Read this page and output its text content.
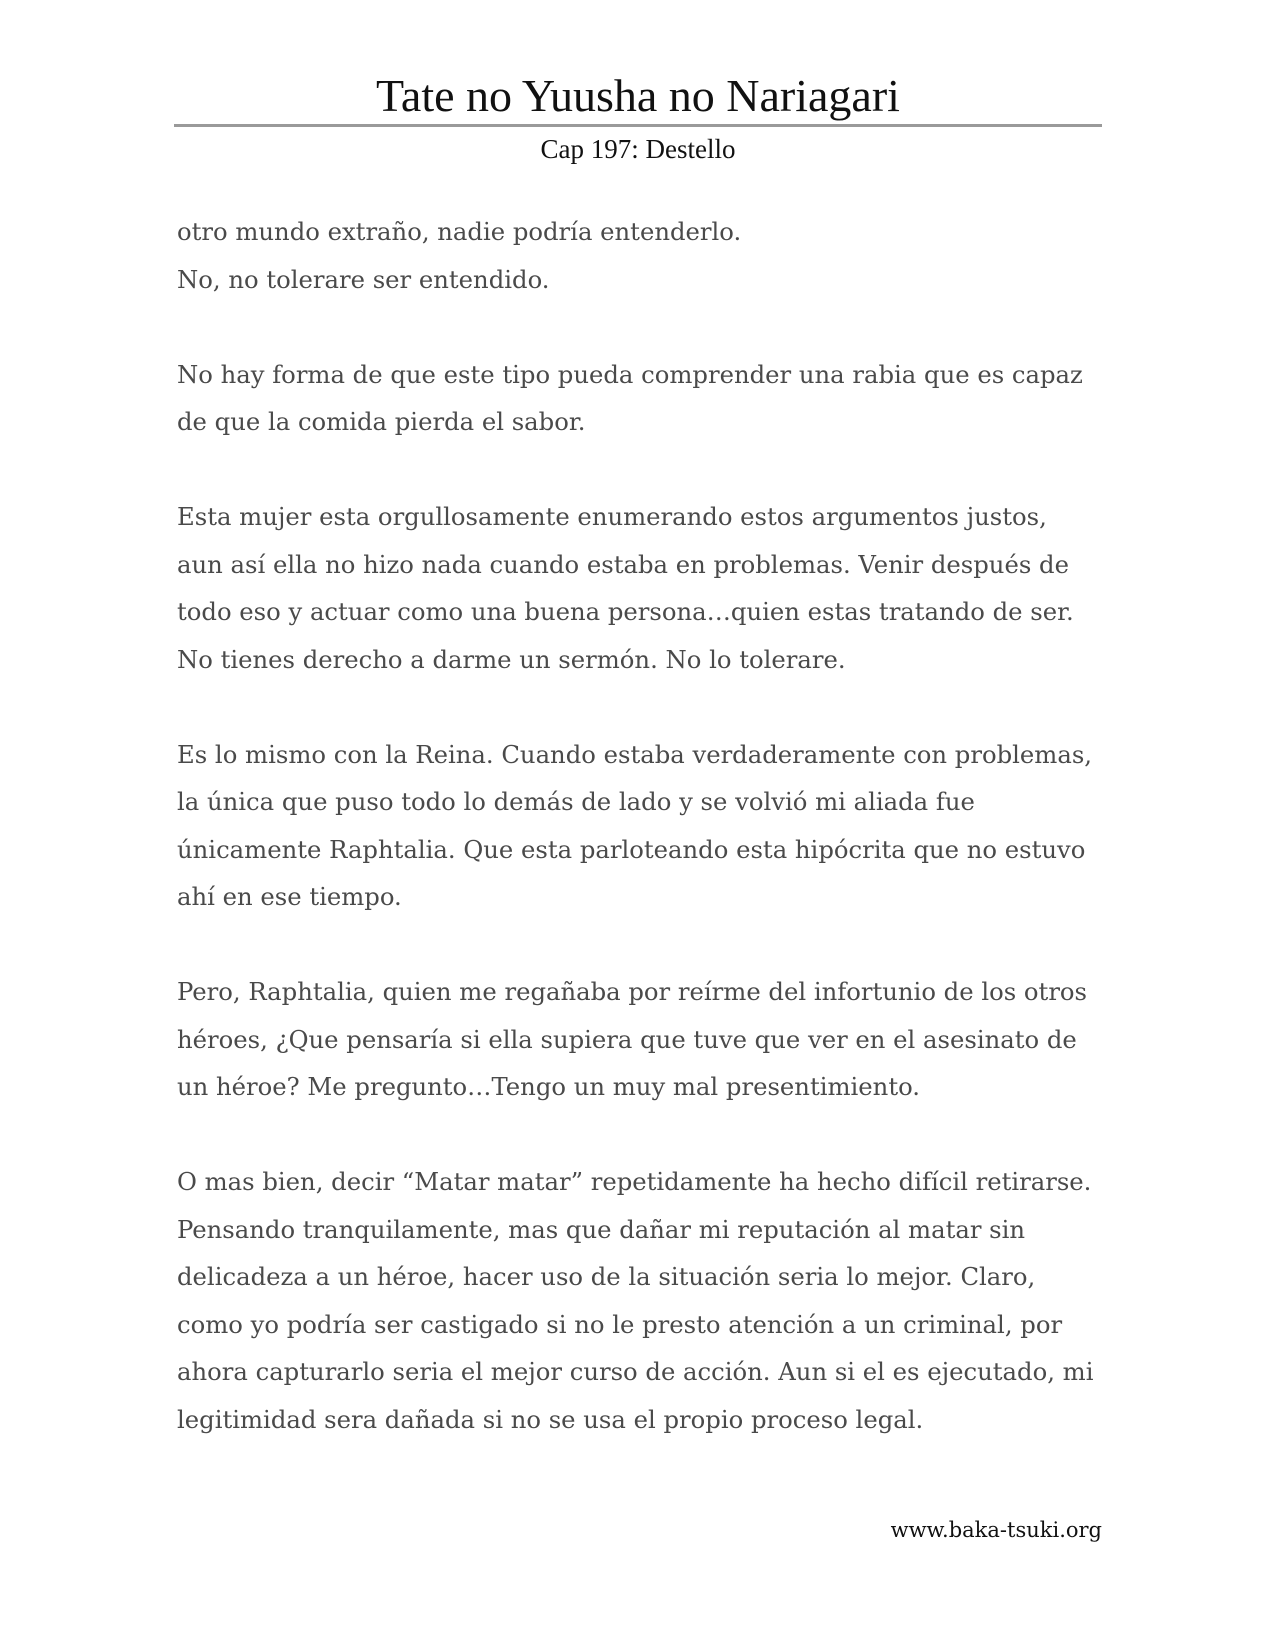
Tate no Yuusha no Nariagari
Cap 197: Destello

otro mundo extraño, nadie podría entenderlo.
No, no tolerare ser entendido.

No hay forma de que este tipo pueda comprender una rabia que es capaz
de que la comida pierda el sabor.

Esta mujer esta orgullosamente enumerando estos argumentos justos,
aun así ella no hizo nada cuando estaba en problemas. Venir después de
todo eso y actuar como una buena persona…quien estas tratando de ser.
No tienes derecho a darme un sermón. No lo tolerare.

Es lo mismo con la Reina. Cuando estaba verdaderamente con problemas,
la única que puso todo lo demás de lado y se volvió mi aliada fue
únicamente Raphtalia. Que esta parloteando esta hipócrita que no estuvo
ahí en ese tiempo.

Pero, Raphtalia, quien me regañaba por reírme del infortunio de los otros
héroes, ¿Que pensaría si ella supiera que tuve que ver en el asesinato de
un héroe? Me pregunto…Tengo un muy mal presentimiento.

O mas bien, decir “Matar matar” repetidamente ha hecho difícil retirarse.
Pensando tranquilamente, mas que dañar mi reputación al matar sin
delicadeza a un héroe, hacer uso de la situación seria lo mejor. Claro,
como yo podría ser castigado si no le presto atención a un criminal, por
ahora capturarlo seria el mejor curso de acción. Aun si el es ejecutado, mi
legitimidad sera dañada si no se usa el propio proceso legal.

www.baka-tsuki.org
